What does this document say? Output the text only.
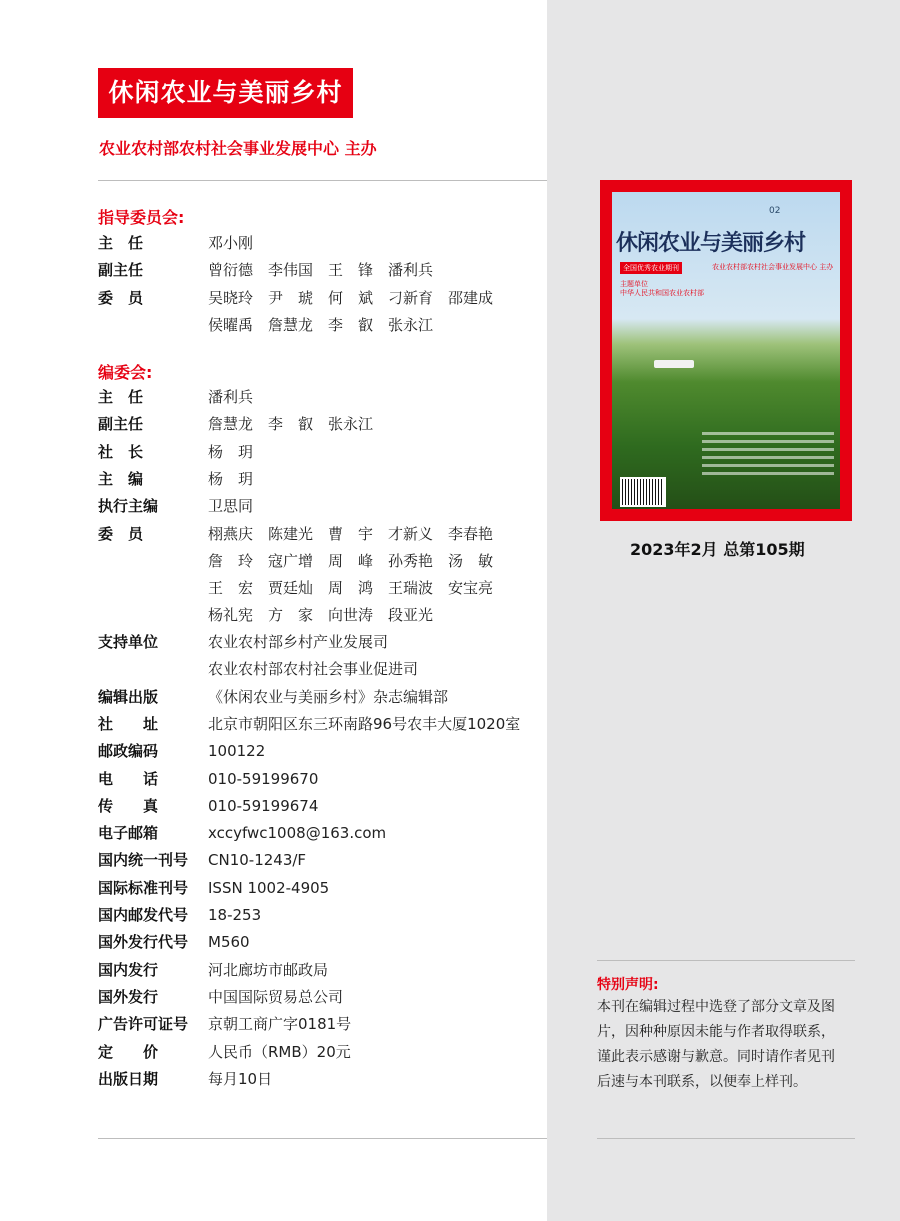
休闲农业与美丽乡村
农业农村部农村社会事业发展中心 主办
指导委员会:
主　任	邓小刚
副主任	曾衍德　李伟国　王　锋　潘利兵
委　员	吴晓玲　尹　琥　何　斌　刁新育　邵建成
侯曜禹　詹慧龙　李　叡　张永江
编委会:
主　任	潘利兵
副主任	詹慧龙　李　叡　张永江
社　长	杨　玥
主　编	杨　玥
执行主编	卫思同
委　员	栩燕庆　陈建光　曹　宇　才新义　李春艳
詹　玲　寇广增　周　峰　孙秀艳　汤　敏
王　宏　贾廷灿　周　鸿　王瑞波　安宝亮
杨礼宪　方　家　向世涛　段亚光
支持单位	农业农村部乡村产业发展司
农业农村部农村社会事业促进司
编辑出版	《休闲农业与美丽乡村》杂志编辑部
社　　址	北京市朝阳区东三环南路96号农丰大厦1020室
邮政编码	100122
电　　话	010-59199670
传　　真	010-59199674
电子邮箱	xccyfwc1008@163.com
国内统一刊号	CN10-1243/F
国际标准刊号	ISSN 1002-4905
国内邮发代号	18-253
国外发行代号	M560
国内发行	河北廊坊市邮政局
国外发行	中国国际贸易总公司
广告许可证号	京朝工商广字0181号
定　　价	人民币（RMB）20元
出版日期	每月10日
02
休闲农业与美丽乡村
全国优秀农业期刊	农业农村部农村社会事业发展中心 主办
主题单位
中华人民共和国农业农村部
2023年2月 总第105期
特别声明:
本刊在编辑过程中选登了部分文章及图
片，因种种原因未能与作者取得联系，
谨此表示感谢与歉意。同时请作者见刊
后速与本刊联系，以便奉上样刊。
